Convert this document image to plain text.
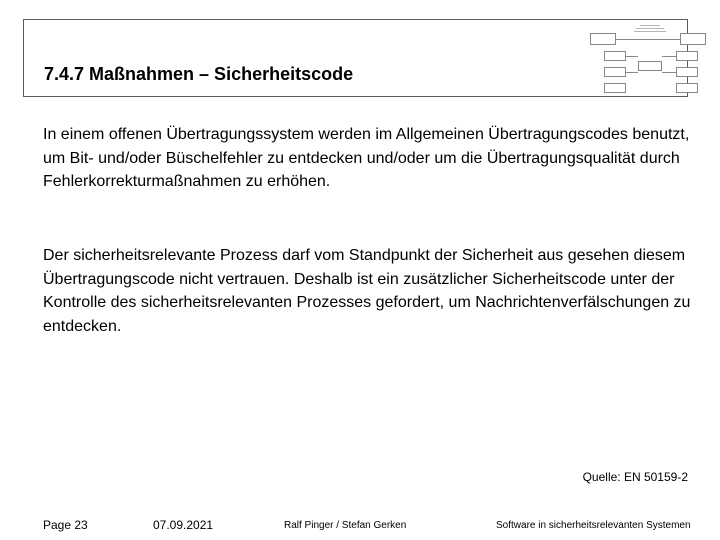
7.4.7 Maßnahmen – Sicherheitscode
In einem offenen Übertragungssystem werden im Allgemeinen Übertragungscodes benutzt, um Bit- und/oder Büschelfehler zu entdecken und/oder um die Übertragungsqualität durch Fehlerkorrekturmaßnahmen zu erhöhen.
Der sicherheitsrelevante Prozess darf vom Standpunkt der Sicherheit aus gesehen diesem Übertragungscode nicht vertrauen. Deshalb ist ein zusätzlicher Sicherheitscode unter der Kontrolle des sicherheitsrelevanten Prozesses gefordert, um Nachrichtenverfälschungen zu entdecken.
Quelle: EN 50159-2
Page 23	07.09.2021	Ralf Pinger / Stefan Gerken	Software in sicherheitsrelevanten Systemen
